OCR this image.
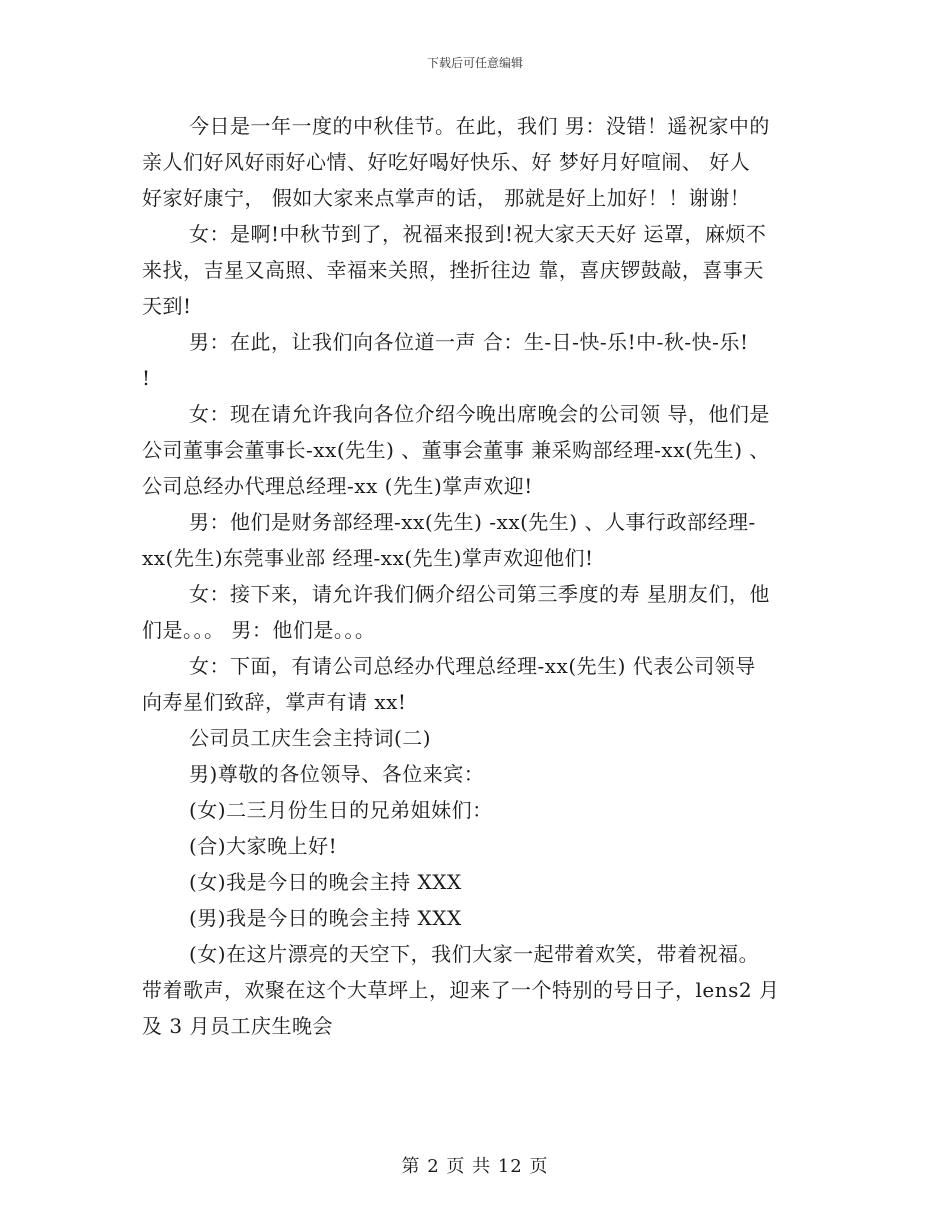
下载后可任意编辑
今日是一年一度的中秋佳节。在此，我们 男：没错！遥祝家中的
亲人们好风好雨好心情、好吃好喝好快乐、好 梦好月好喧闹、 好人
好家好康宁， 假如大家来点掌声的话， 那就是好上加好！！谢谢！
女：是啊!中秋节到了，祝福来报到!祝大家天天好 运罩，麻烦不
来找，吉星又高照、幸福来关照，挫折往边 靠，喜庆锣鼓敲，喜事天
天到!
男：在此，让我们向各位道一声 合：生-日-快-乐!中-秋-快-乐!
!
女：现在请允许我向各位介绍今晚出席晚会的公司领 导，他们是
公司董事会董事长-xx(先生) 、董事会董事 兼采购部经理-xx(先生) 、
公司总经办代理总经理-xx (先生)掌声欢迎!
男：他们是财务部经理-xx(先生) -xx(先生) 、人事行政部经理-
xx(先生)东莞事业部 经理-xx(先生)掌声欢迎他们!
女：接下来，请允许我们俩介绍公司第三季度的寿 星朋友们，他
们是。。。 男：他们是。。。
女：下面，有请公司总经办代理总经理-xx(先生) 代表公司领导
向寿星们致辞，掌声有请 xx!
公司员工庆生会主持词(二)
男)尊敬的各位领导、各位来宾：
(女)二三月份生日的兄弟姐妹们：
(合)大家晚上好!
(女)我是今日的晚会主持 XXX
(男)我是今日的晚会主持 XXX
(女)在这片漂亮的天空下，我们大家一起带着欢笑，带着祝福。
带着歌声，欢聚在这个大草坪上，迎来了一个特别的号日子，lens2 月
及 3 月员工庆生晚会
第 2 页 共 12 页
